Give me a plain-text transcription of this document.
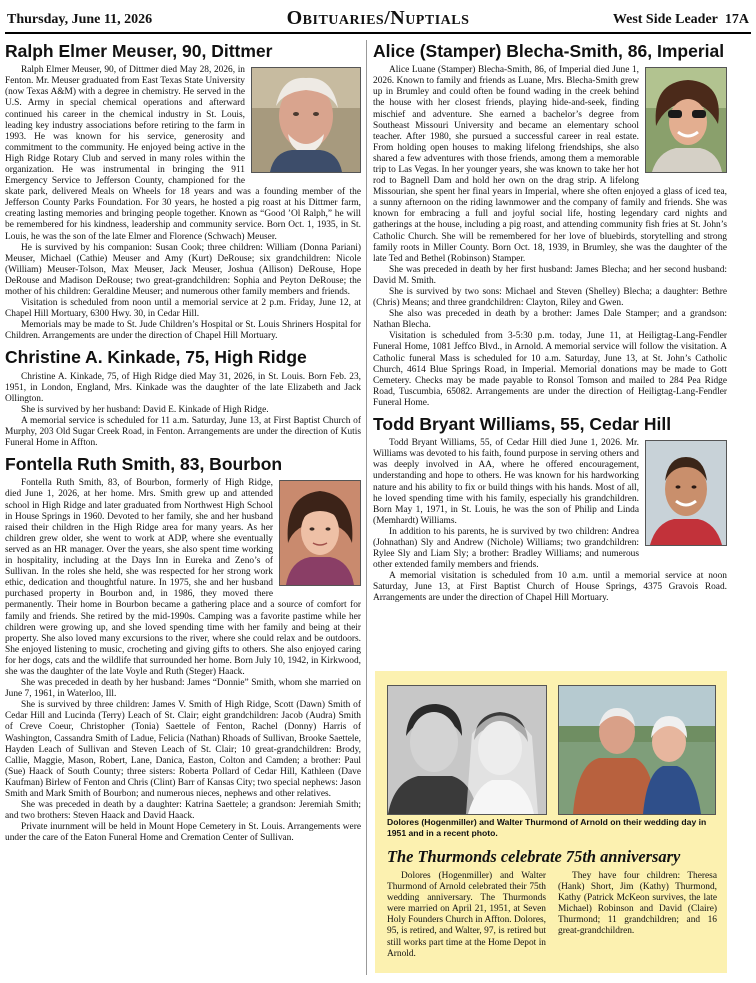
Thursday, June 11, 2026	Obituaries/Nuptials	West Side Leader 17A
Ralph Elmer Meuser, 90, Dittmer

Ralph Elmer Meuser, 90, of Dittmer died May 28, 2026, in Fenton. Mr. Meuser graduated from East Texas State University (now Texas A&M) with a degree in chemistry. He served in the U.S. Army in special chemical operations and afterward continued his career in the chemical industry in St. Louis, leading key industry associations before retiring to the farm in 1993. He was known for his service, generosity and commitment to the community. He enjoyed being active in the High Ridge Rotary Club and served in many roles within the organization. He was instrumental in bringing the 911 Emergency Service to Jefferson County, championed for the skate park, delivered Meals on Wheels for 18 years and was a founding member of the Jefferson County Parks Foundation. For 30 years, he hosted a pig roast at his Dittmer farm, creating lasting memories and bringing people together. Known as “Good ’Ol Ralph,” he will be remembered for his kindness, leadership and community service. Born Oct. 1, 1935, in St. Louis, he was the son of the late Elmer and Florence (Schwach) Meuser.

He is survived by his companion: Susan Cook; three children: William (Donna Pariani) Meuser, Michael (Cathie) Meuser and Amy (Kurt) DeRouse; six grandchildren: Nicole (William) Meuser-Tolson, Max Meuser, Jack Meuser, Joshua (Allison) DeRouse, Hope DeRouse and Madison DeRouse; two great-grandchildren: Sophia and Peyton DeRouse; the mother of his children: Geraldine Meuser; and numerous other family members and friends.

Visitation is scheduled from noon until a memorial service at 2 p.m. Friday, June 12, at Chapel Hill Mortuary, 6300 Hwy. 30, in Cedar Hill.

Memorials may be made to St. Jude Children’s Hospital or St. Louis Shriners Hospital for Children. Arrangements are under the direction of Chapel Hill Mortuary.

Christine A. Kinkade, 75, High Ridge

Christine A. Kinkade, 75, of High Ridge died May 31, 2026, in St. Louis. Born Feb. 23, 1951, in London, England, Mrs. Kinkade was the daughter of the late Elizabeth and Jack Ollington.

She is survived by her husband: David E. Kinkade of High Ridge.

A memorial service is scheduled for 11 a.m. Saturday, June 13, at First Baptist Church of Murphy, 203 Old Sugar Creek Road, in Fenton. Arrangements are under the direction of Kutis Funeral Home in Affton.

Fontella Ruth Smith, 83, Bourbon

Fontella Ruth Smith, 83, of Bourbon, formerly of High Ridge, died June 1, 2026, at her home. Mrs. Smith grew up and attended school in High Ridge and later graduated from Northwest High School in House Springs in 1960. Devoted to her family, she and her husband raised their children in the High Ridge area for many years. As her children grew older, she went to work at ADP, where she eventually served as an HR manager. Over the years, she also spent time working in hospitality, including at the Days Inn in Eureka and Zeno’s of Sullivan. In the roles she held, she was respected for her strong work ethic, dedication and thoughtful nature. In 1975, she and her husband purchased property in Bourbon and, in 1986, they moved there permanently. Their home in Bourbon became a gathering place and a source of comfort for family and friends. She retired by the mid-1990s. Camping was a favorite pastime while her children were growing up, and she loved spending time with her family and being at their property. She also loved many excursions to the river, where she could relax and be outdoors. She enjoyed listening to music, crocheting and giving gifts to others. She also enjoyed caring for her dogs, cats and the wildlife that surrounded her home. Born July 10, 1942, in Kirkwood, she was the daughter of the late Voyle and Ruth (Steger) Haack.

She was preceded in death by her husband: James “Donnie” Smith, whom she married on June 7, 1961, in Waterloo, Ill.

She is survived by three children: James V. Smith of High Ridge, Scott (Dawn) Smith of Cedar Hill and Lucinda (Terry) Leach of St. Clair; eight grandchildren: Jacob (Audra) Smith of Creve Coeur, Christopher (Tonia) Saettele of Fenton, Rachel (Donny) Harris of Washington, Cassandra Smith of Ladue, Felicia (Nathan) Rhoads of Sullivan, Brooke Saettele, Hayden Leach of Sullivan and Steven Leach of St. Clair; 10 great-grandchildren: Brody, Callie, Maggie, Mason, Robert, Lane, Danica, Easton, Colton and Camden; a brother: Paul (Sue) Haack of South County; three sisters: Roberta Pollard of Cedar Hill, Kathleen (Dave Kaufman) Birlew of Fenton and Chris (Clint) Barr of Kansas City; two special nephews: Jason Smith and Mark Smith of Bourbon; and numerous nieces, nephews and other relatives.

She was preceded in death by a daughter: Katrina Saettele; a grandson: Jeremiah Smith; and two brothers: Steven Haack and David Haack.

Private inurnment will be held in Mount Hope Cemetery in St. Louis. Arrangements were under the care of the Eaton Funeral Home and Cremation Center of Sullivan.

Alice (Stamper) Blecha-Smith, 86, Imperial

Alice Luane (Stamper) Blecha-Smith, 86, of Imperial died June 1, 2026. Known to family and friends as Luane, Mrs. Blecha-Smith grew up in Brumley and could often be found wading in the creek behind the house with her closest friends, playing hide-and-seek, finding mischief and adventure. She earned a bachelor’s degree from Southeast Missouri University and became an elementary school teacher. After 1980, she pursued a successful career in real estate. From holding open houses to making lifelong friendships, she also shared a few adventures with those friends, among them a memorable trip to Las Vegas. In her younger years, she was known to take her hot rod to Bagnell Dam and hold her own on the drag strip. A lifelong Missourian, she spent her final years in Imperial, where she often enjoyed a glass of iced tea, a sunny afternoon on the riding lawnmower and the company of family and friends. She was known for embracing a full and joyful social life, hosting legendary card nights and gatherings at the house, including a pig roast, and attending community fish fries at St. John’s Catholic Church. She will be remembered for her love of bluebirds, storytelling and strong family roots in Miller County. Born Oct. 18, 1939, in Brumley, she was the daughter of the late Ted and Bethel (Robinson) Stamper.

She was preceded in death by her first husband: James Blecha; and her second husband: David M. Smith.

She is survived by two sons: Michael and Steven (Shelley) Blecha; a daughter: Bethre (Chris) Means; and three grandchildren: Clayton, Riley and Gwen.

She also was preceded in death by a brother: James Dale Stamper; and a grandson: Nathan Blecha.

Visitation is scheduled from 3-5:30 p.m. today, June 11, at Heiligtag-Lang-Fendler Funeral Home, 1081 Jeffco Blvd., in Arnold. A memorial service will follow the visitation. A Catholic funeral Mass is scheduled for 10 a.m. Saturday, June 13, at St. John’s Catholic Church, 4614 Blue Springs Road, in Imperial. Memorial donations may be made to Gott Cemetery. Checks may be made payable to Ronsol Tomson and mailed to 284 Pea Ridge Road, Tuscumbia, 65082. Arrangements are under the direction of Heiligtag-Lang-Fendler Funeral Home.

Todd Bryant Williams, 55, Cedar Hill

Todd Bryant Williams, 55, of Cedar Hill died June 1, 2026. Mr. Williams was devoted to his faith, found purpose in serving others and was deeply involved in AA, where he offered encouragement, understanding and hope to others. He was known for his hardworking nature and his ability to fix or build things with his hands. Most of all, he loved spending time with his family, especially his grandchildren. Born May 1, 1971, in St. Louis, he was the son of Philip and Linda (Memhardt) Williams.

In addition to his parents, he is survived by two children: Andrea (Johnathan) Sly and Andrew (Nichole) Williams; two grandchildren: Rylee Sly and Liam Sly; a brother: Bradley Williams; and numerous other extended family members and friends.

A memorial visitation is scheduled from 10 a.m. until a memorial service at noon Saturday, June 13, at First Baptist Church of House Springs, 4375 Gravois Road. Arrangements are under the direction of Chapel Hill Mortuary.

Dolores (Hogenmiller) and Walter Thurmond of Arnold on their wedding day in 1951 and in a recent photo.
The Thurmonds celebrate 75th anniversary

Dolores (Hogenmiller) and Walter Thurmond of Arnold celebrated their 75th wedding anniversary. The Thurmonds were married on April 21, 1951, at Seven Holy Founders Church in Affton. Dolores, 95, is retired, and Walter, 97, is retired but still works part time at the Home Depot in Arnold.

They have four children: Theresa (Hank) Short, Jim (Kathy) Thurmond, Kathy (Patrick McKeon survives, the late Michael) Robinson and David (Claire) Thurmond; 11 grandchildren; and 16 great-grandchildren.
